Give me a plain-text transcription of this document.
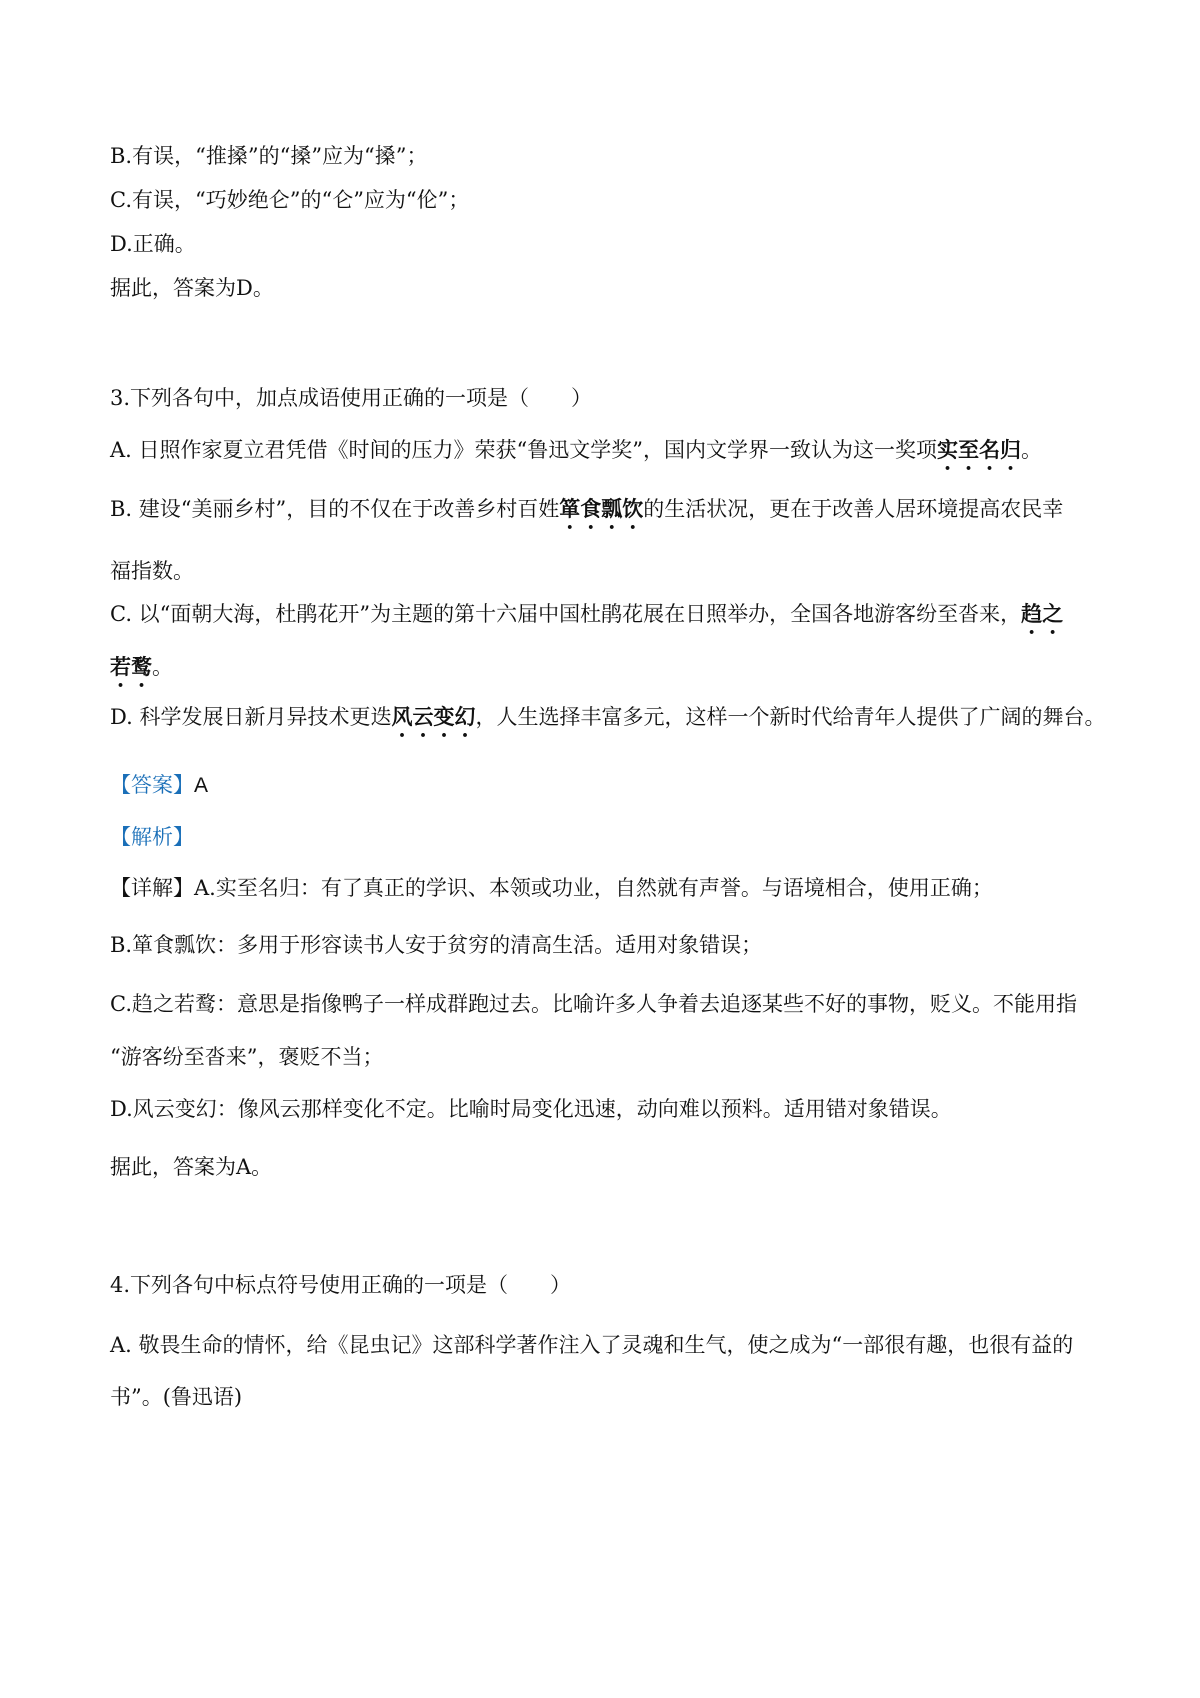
B.有误，“推搡”的“搡”应为“搡”；
C.有误，“巧妙绝仑”的“仑”应为“伦”；
D.正确。
据此，答案为D。
3.下列各句中，加点成语使用正确的一项是（　　）
A. 日照作家夏立君凭借《时间的压力》荣获“鲁迅文学奖”，国内文学界一致认为这一奖项实至名归。
B. 建设“美丽乡村”，目的不仅在于改善乡村百姓箪食瓢饮的生活状况，更在于改善人居环境提高农民幸
福指数。
C. 以“面朝大海，杜鹃花开”为主题的第十六届中国杜鹃花展在日照举办，全国各地游客纷至沓来，趋之
若鹜。
D. 科学发展日新月异技术更迭风云变幻，人生选择丰富多元，这样一个新时代给青年人提供了广阔的舞台。
【答案】A
【解析】
【详解】A.实至名归：有了真正的学识、本领或功业，自然就有声誉。与语境相合，使用正确；
B.箪食瓢饮：多用于形容读书人安于贫穷的清高生活。适用对象错误；
C.趋之若鹜：意思是指像鸭子一样成群跑过去。比喻许多人争着去追逐某些不好的事物，贬义。不能用指
“游客纷至沓来”，褒贬不当；
D.风云变幻：像风云那样变化不定。比喻时局变化迅速，动向难以预料。适用错对象错误。
据此，答案为A。
4.下列各句中标点符号使用正确的一项是（　　）
A. 敬畏生命的情怀，给《昆虫记》这部科学著作注入了灵魂和生气，使之成为“一部很有趣，也很有益的
书”。(鲁迅语)
